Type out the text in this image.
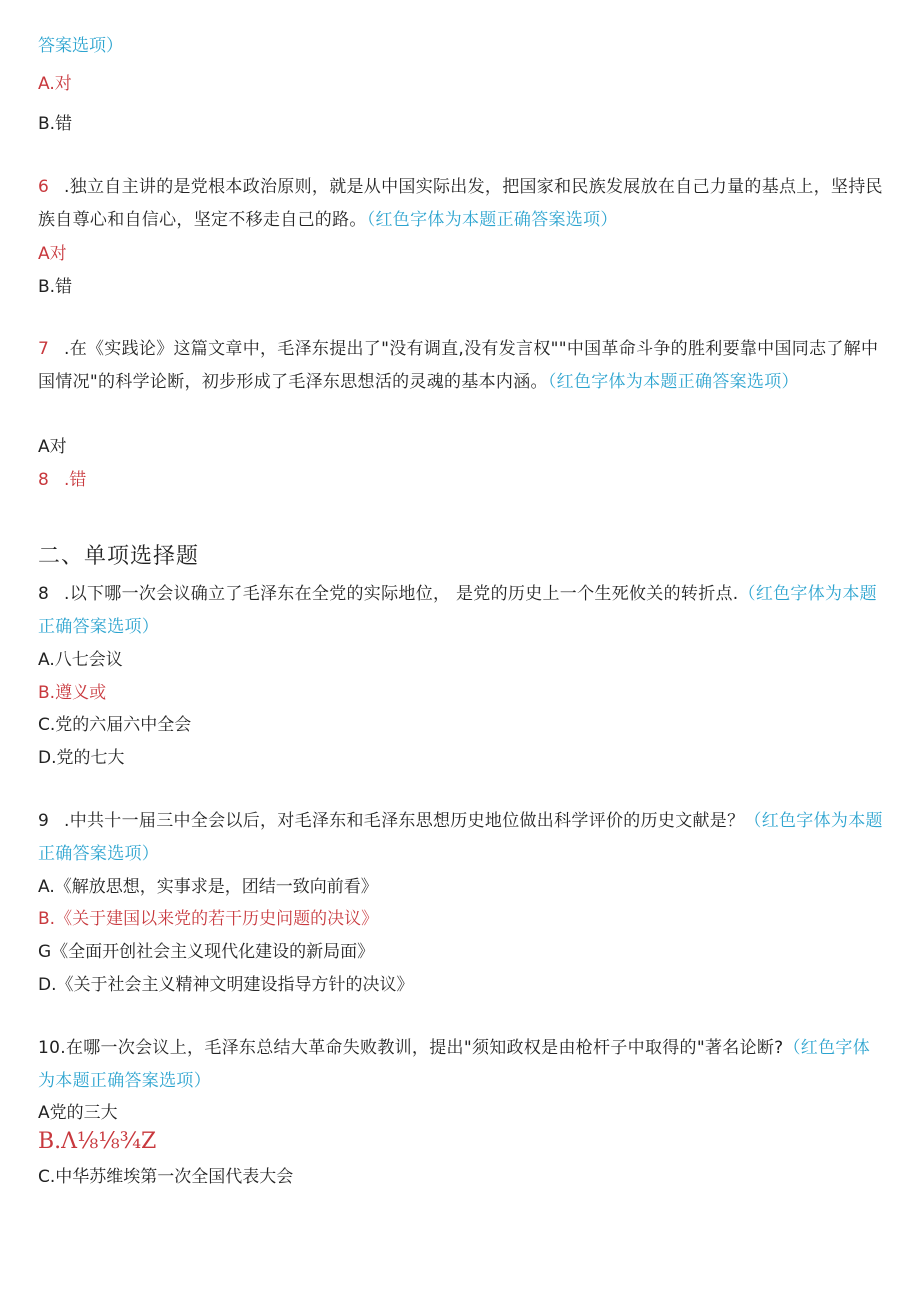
答案选项）
A.对
B.错
6 .独立自主讲的是党根本政治原则，就是从中国实际出发，把国家和民族发展放在自己力量的基点上，坚持民族自尊心和自信心，坚定不移走自己的路。（红色字体为本题正确答案选项）
A对
B.错
7 .在《实践论》这篇文章中，毛泽东提出了"没有调直,没有发言权""中国革命斗争的胜利要靠中国同志了解中国情况"的科学论断，初步形成了毛泽东思想活的灵魂的基本内涵。（红色字体为本题正确答案选项）
A对
8 .错
二、单项选择题
8 .以下哪一次会议确立了毛泽东在全党的实际地位， 是党的历史上一个生死攸关的转折点.（红色字体为本题正确答案选项）
A.八七会议
B.遵义或
C.党的六届六中全会
D.党的七大
9 .中共十一届三中全会以后，对毛泽东和毛泽东思想历史地位做出科学评价的历史文献是？（红色字体为本题正确答案选项）
A.《解放思想，实事求是，团结一致向前看》
B.《关于建国以来党的若干历史问题的决议》
G《全面开创社会主义现代化建设的新局面》
D.《关于社会主义精神文明建设指导方针的决议》
10.在哪一次会议上，毛泽东总结大革命失败教训，提出"须知政权是由枪杆子中取得的"著名论断?（红色字体为本题正确答案选项）
A党的三大
B.Λ⅛⅛¾Z
C.中华苏维埃第一次全国代表大会
